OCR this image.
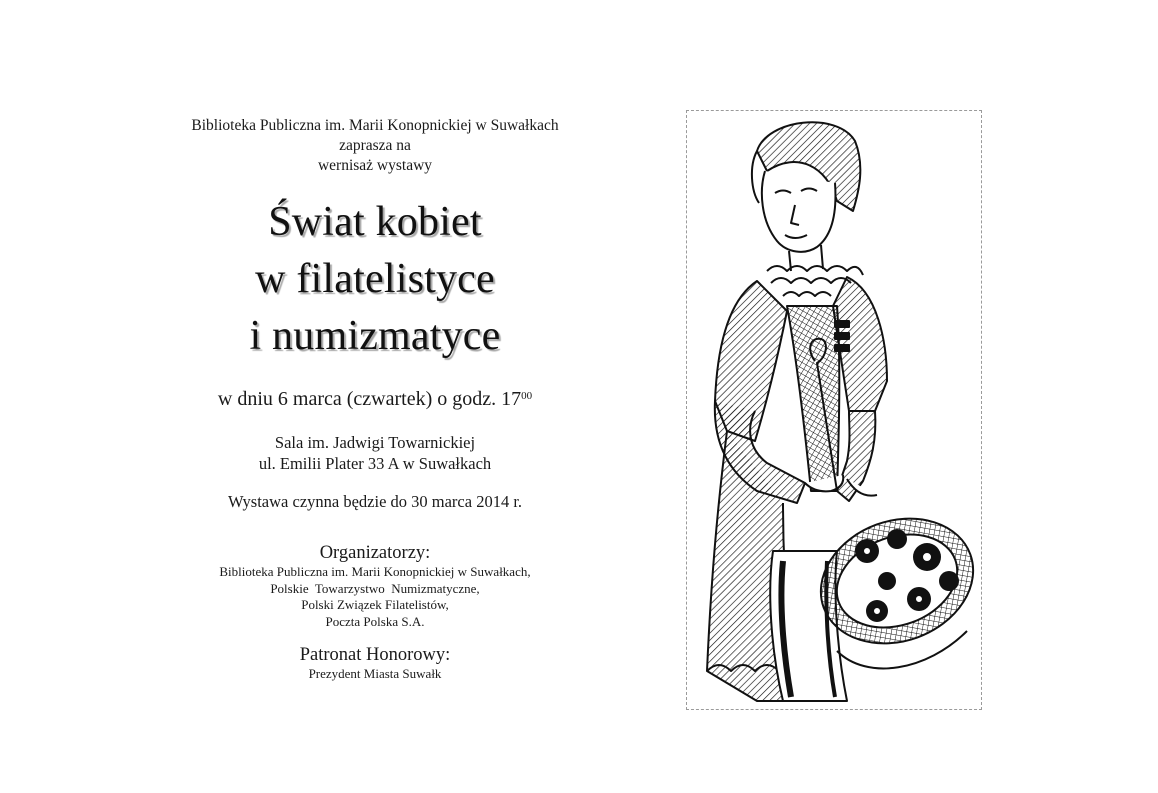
Biblioteka Publiczna im. Marii Konopnickiej w Suwałkach
zaprasza na
wernisaż wystawy
Świat kobiet
w filatelistyce
i numizmatyce
w dniu 6 marca (czwartek) o godz. $17^{00}$
Sala im. Jadwigi Towarnickiej
ul. Emilii Plater 33 A w Suwałkach
Wystawa czynna będzie do 30 marca 2014 r.
Organizatorzy:
Biblioteka Publiczna im. Marii Konopnickiej w Suwałkach,
Polskie  Towarzystwo  Numizmatyczne,
Polski Związek Filatelistów,
Poczta Polska S.A.
Patronat Honorowy:
Prezydent Miasta Suwałk
